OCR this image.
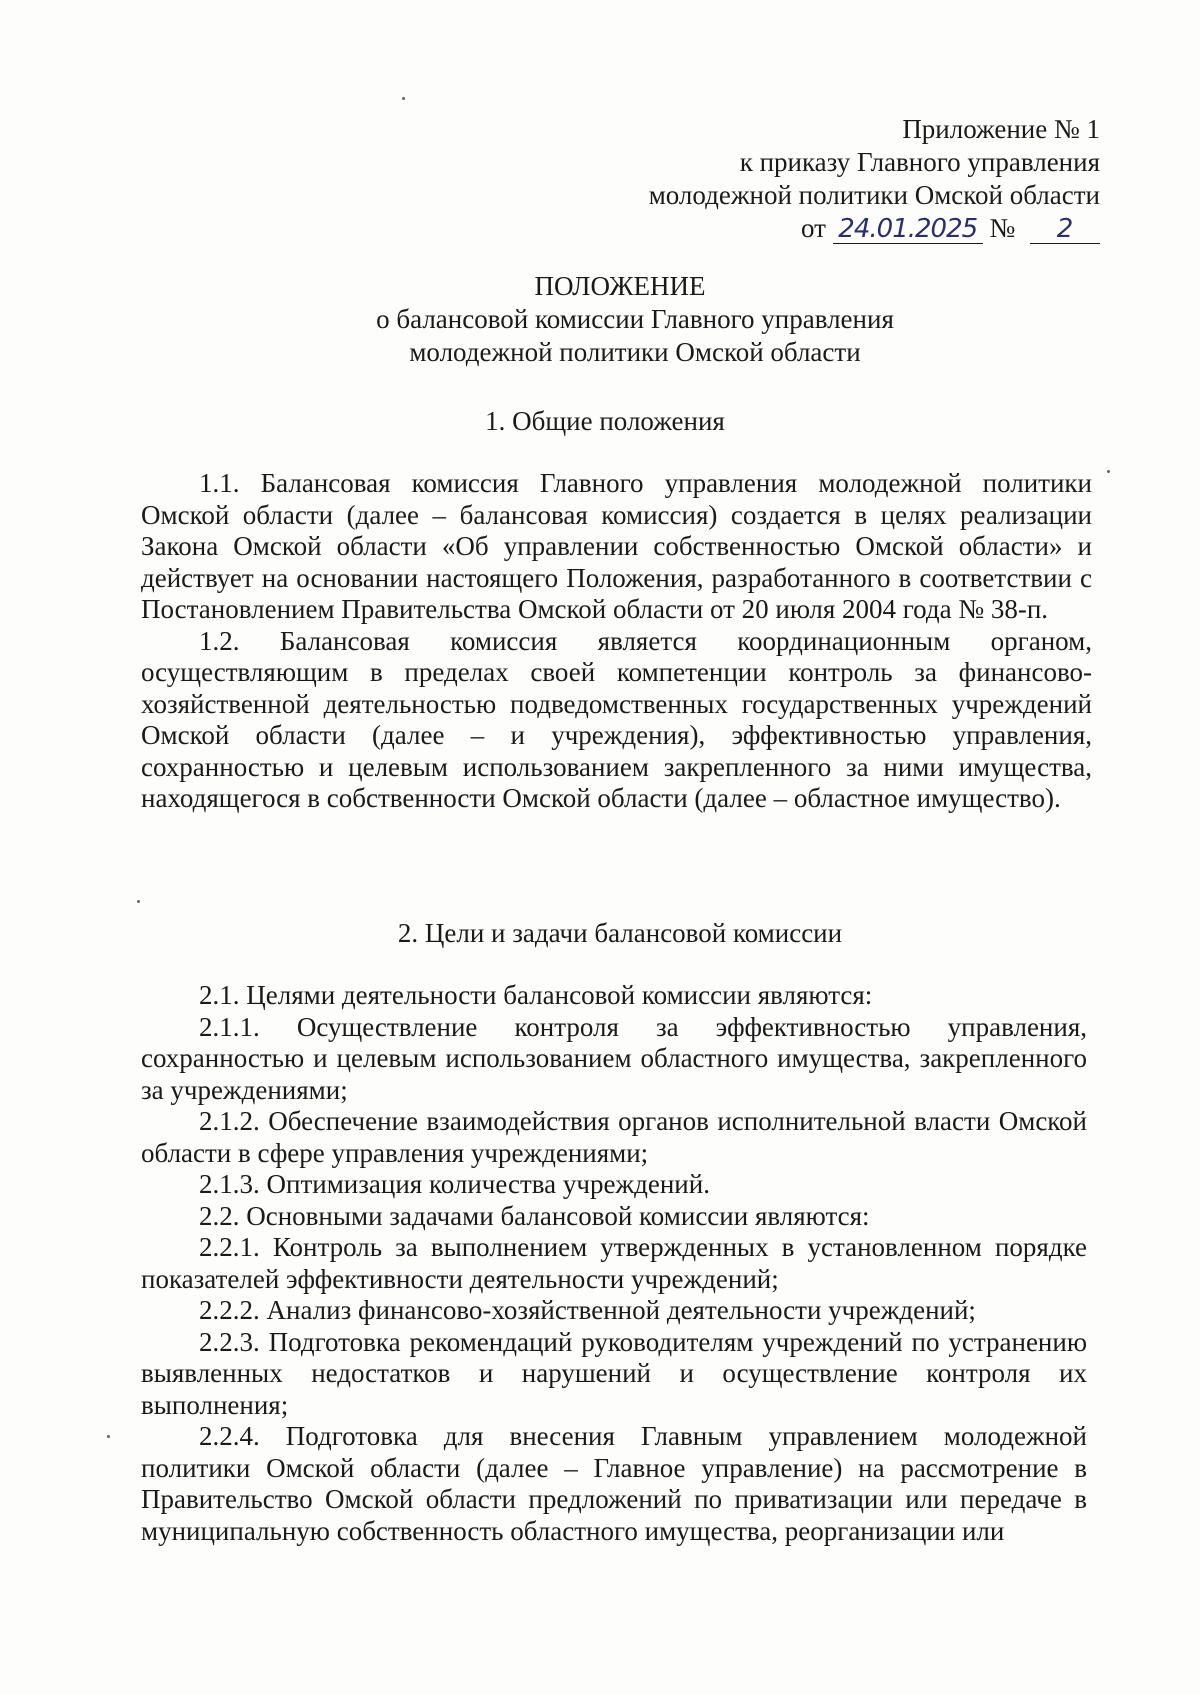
Приложение № 1
к приказу Главного управления
молодежной политики Омской области
от 24.01.2025 № 2
ПОЛОЖЕНИЕ
о балансовой комиссии Главного управления
молодежной политики Омской области
1. Общие положения

1.1. Балансовая комиссия Главного управления молодежной политики Омской области (далее – балансовая комиссия) создается в целях реализации Закона Омской области «Об управлении собственностью Омской области» и действует на основании настоящего Положения, разработанного в соответствии с Постановлением Правительства Омской области от 20 июля 2004 года № 38-п.

1.2. Балансовая комиссия является координационным органом, осуществляющим в пределах своей компетенции контроль за финансово-хозяйственной деятельностью подведомственных государственных учреждений Омской области (далее – и учреждения), эффективностью управления, сохранностью и целевым использованием закрепленного за ними имущества, находящегося в собственности Омской области (далее – областное имущество).

2. Цели и задачи балансовой комиссии

2.1. Целями деятельности балансовой комиссии являются:

2.1.1. Осуществление контроля за эффективностью управления, сохранностью и целевым использованием областного имущества, закрепленного за учреждениями;

2.1.2. Обеспечение взаимодействия органов исполнительной власти Омской области в сфере управления учреждениями;

2.1.3. Оптимизация количества учреждений.

2.2. Основными задачами балансовой комиссии являются:

2.2.1. Контроль за выполнением утвержденных в установленном порядке показателей эффективности деятельности учреждений;

2.2.2. Анализ финансово-хозяйственной деятельности учреждений;

2.2.3. Подготовка рекомендаций руководителям учреждений по устранению выявленных недостатков и нарушений и осуществление контроля их выполнения;

2.2.4. Подготовка для внесения Главным управлением молодежной политики Омской области (далее – Главное управление) на рассмотрение в Правительство Омской области предложений по приватизации или передаче в муниципальную собственность областного имущества, реорганизации или
